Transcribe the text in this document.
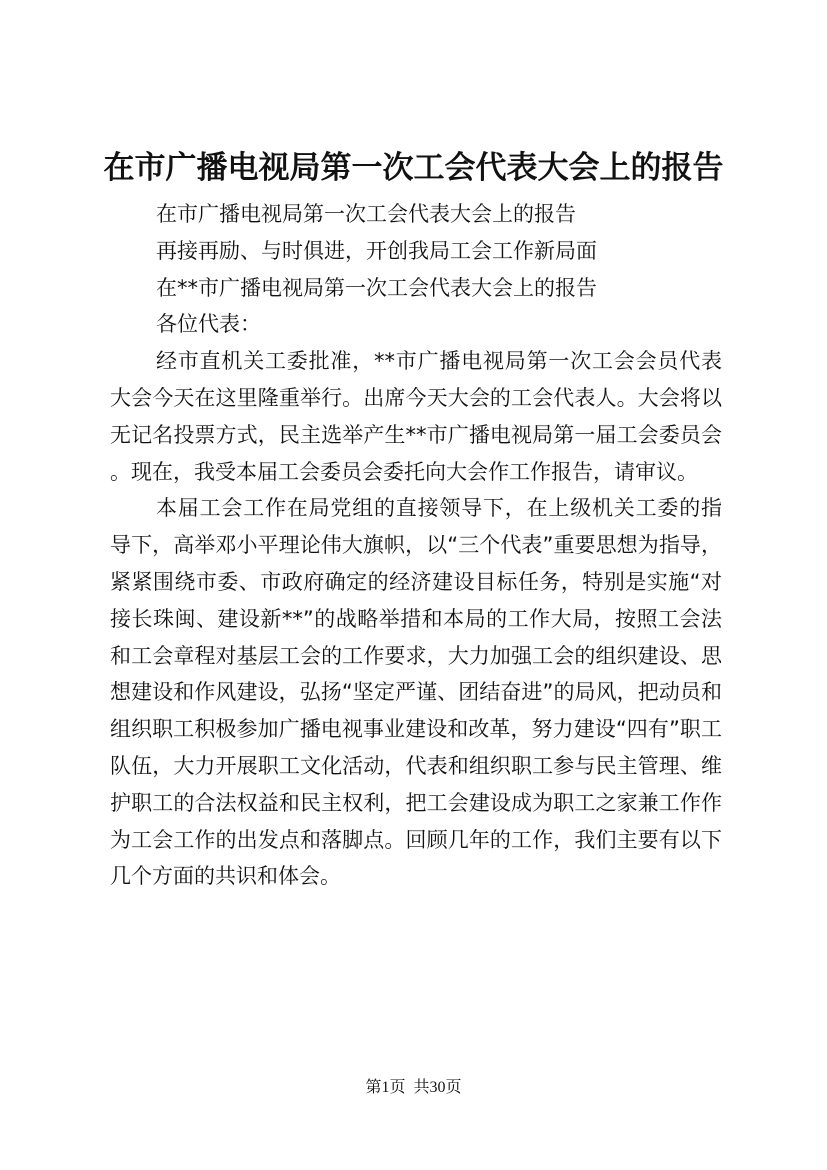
在市广播电视局第一次工会代表大会上的报告

在市广播电视局第一次工会代表大会上的报告

再接再励、与时俱进，开创我局工会工作新局面

在**市广播电视局第一次工会代表大会上的报告

各位代表：

经市直机关工委批准，**市广播电视局第一次工会会员代表大会今天在这里隆重举行。出席今天大会的工会代表人。大会将以无记名投票方式，民主选举产生**市广播电视局第一届工会委员会。现在，我受本届工会委员会委托向大会作工作报告，请审议。

本届工会工作在局党组的直接领导下，在上级机关工委的指导下，高举邓小平理论伟大旗帜，以“三个代表”重要思想为指导，紧紧围绕市委、市政府确定的经济建设目标任务，特别是实施“对接长珠闽、建设新**”的战略举措和本局的工作大局，按照工会法和工会章程对基层工会的工作要求，大力加强工会的组织建设、思想建设和作风建设，弘扬“坚定严谨、团结奋进”的局风，把动员和组织职工积极参加广播电视事业建设和改革，努力建设“四有”职工队伍，大力开展职工文化活动，代表和组织职工参与民主管理、维护职工的合法权益和民主权利，把工会建设成为职工之家兼工作作为工会工作的出发点和落脚点。回顾几年的工作，我们主要有以下几个方面的共识和体会。

第1页  共30页
